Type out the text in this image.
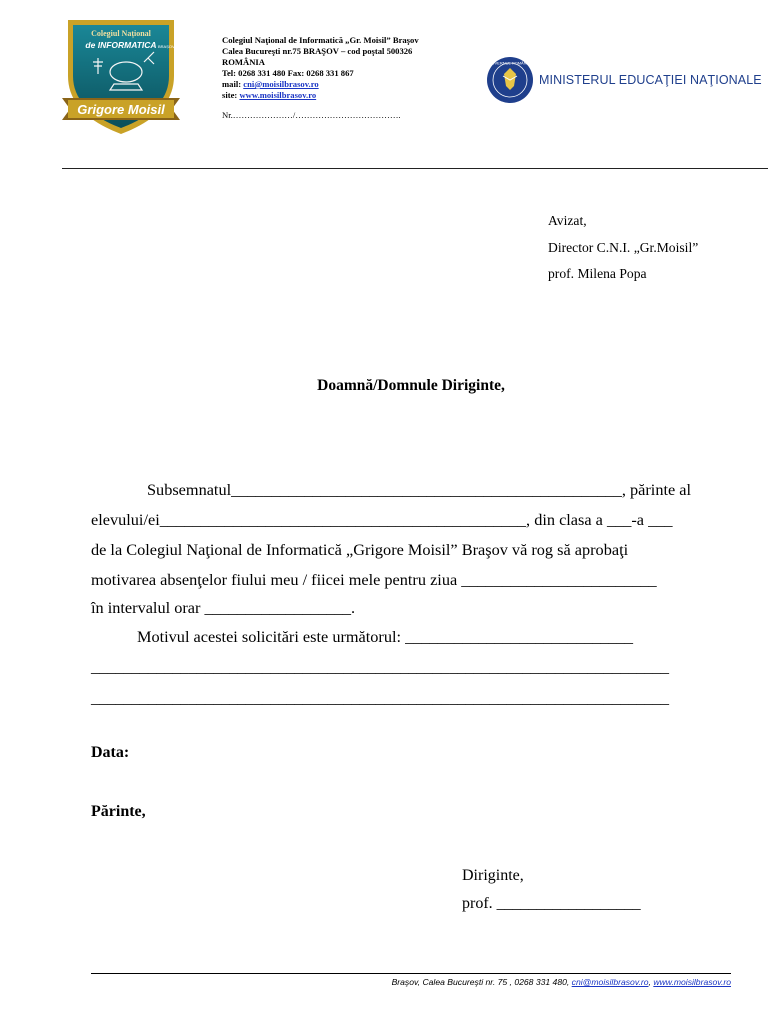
Colegiul Național
de INFORMATICA BRAȘOV
Grigore Moisil
Colegiul Naţional de Informatică „Gr. Moisil” Braşov
Calea Bucureşti nr.75 BRAŞOV – cod poştal 500326
ROMÂNIA
Tel: 0268 331 480 Fax: 0268 331 867
mail: cni@moisilbrasov.ro
site: www.moisilbrasov.ro
Nr.…………………/……………………………….
GUVERNUL ROMÂNIEI
MINISTERUL EDUCAŢIEI NAŢIONALE
Avizat,
Director C.N.I. „Gr.Moisil”
prof. Milena Popa
Doamnă/Domnule Diriginte,
Subsemnatul________________________________________________, părinte al
elevului/ei_____________________________________________, din clasa a ___-a ___
de la Colegiul Naţional de Informatică „Grigore Moisil” Braşov vă rog să aprobaţi
motivarea absenţelor fiului meu / fiicei mele pentru ziua ________________________
în intervalul orar __________________.
Motivul acestei solicitări este următorul: ____________________________
_______________________________________________________________________
_______________________________________________________________________
Data:
Părinte,
Diriginte,
prof. __________________
Braşov, Calea Bucureşti nr. 75 , 0268 331 480, cni@moisilbrasov.ro, www.moisilbrasov.ro
